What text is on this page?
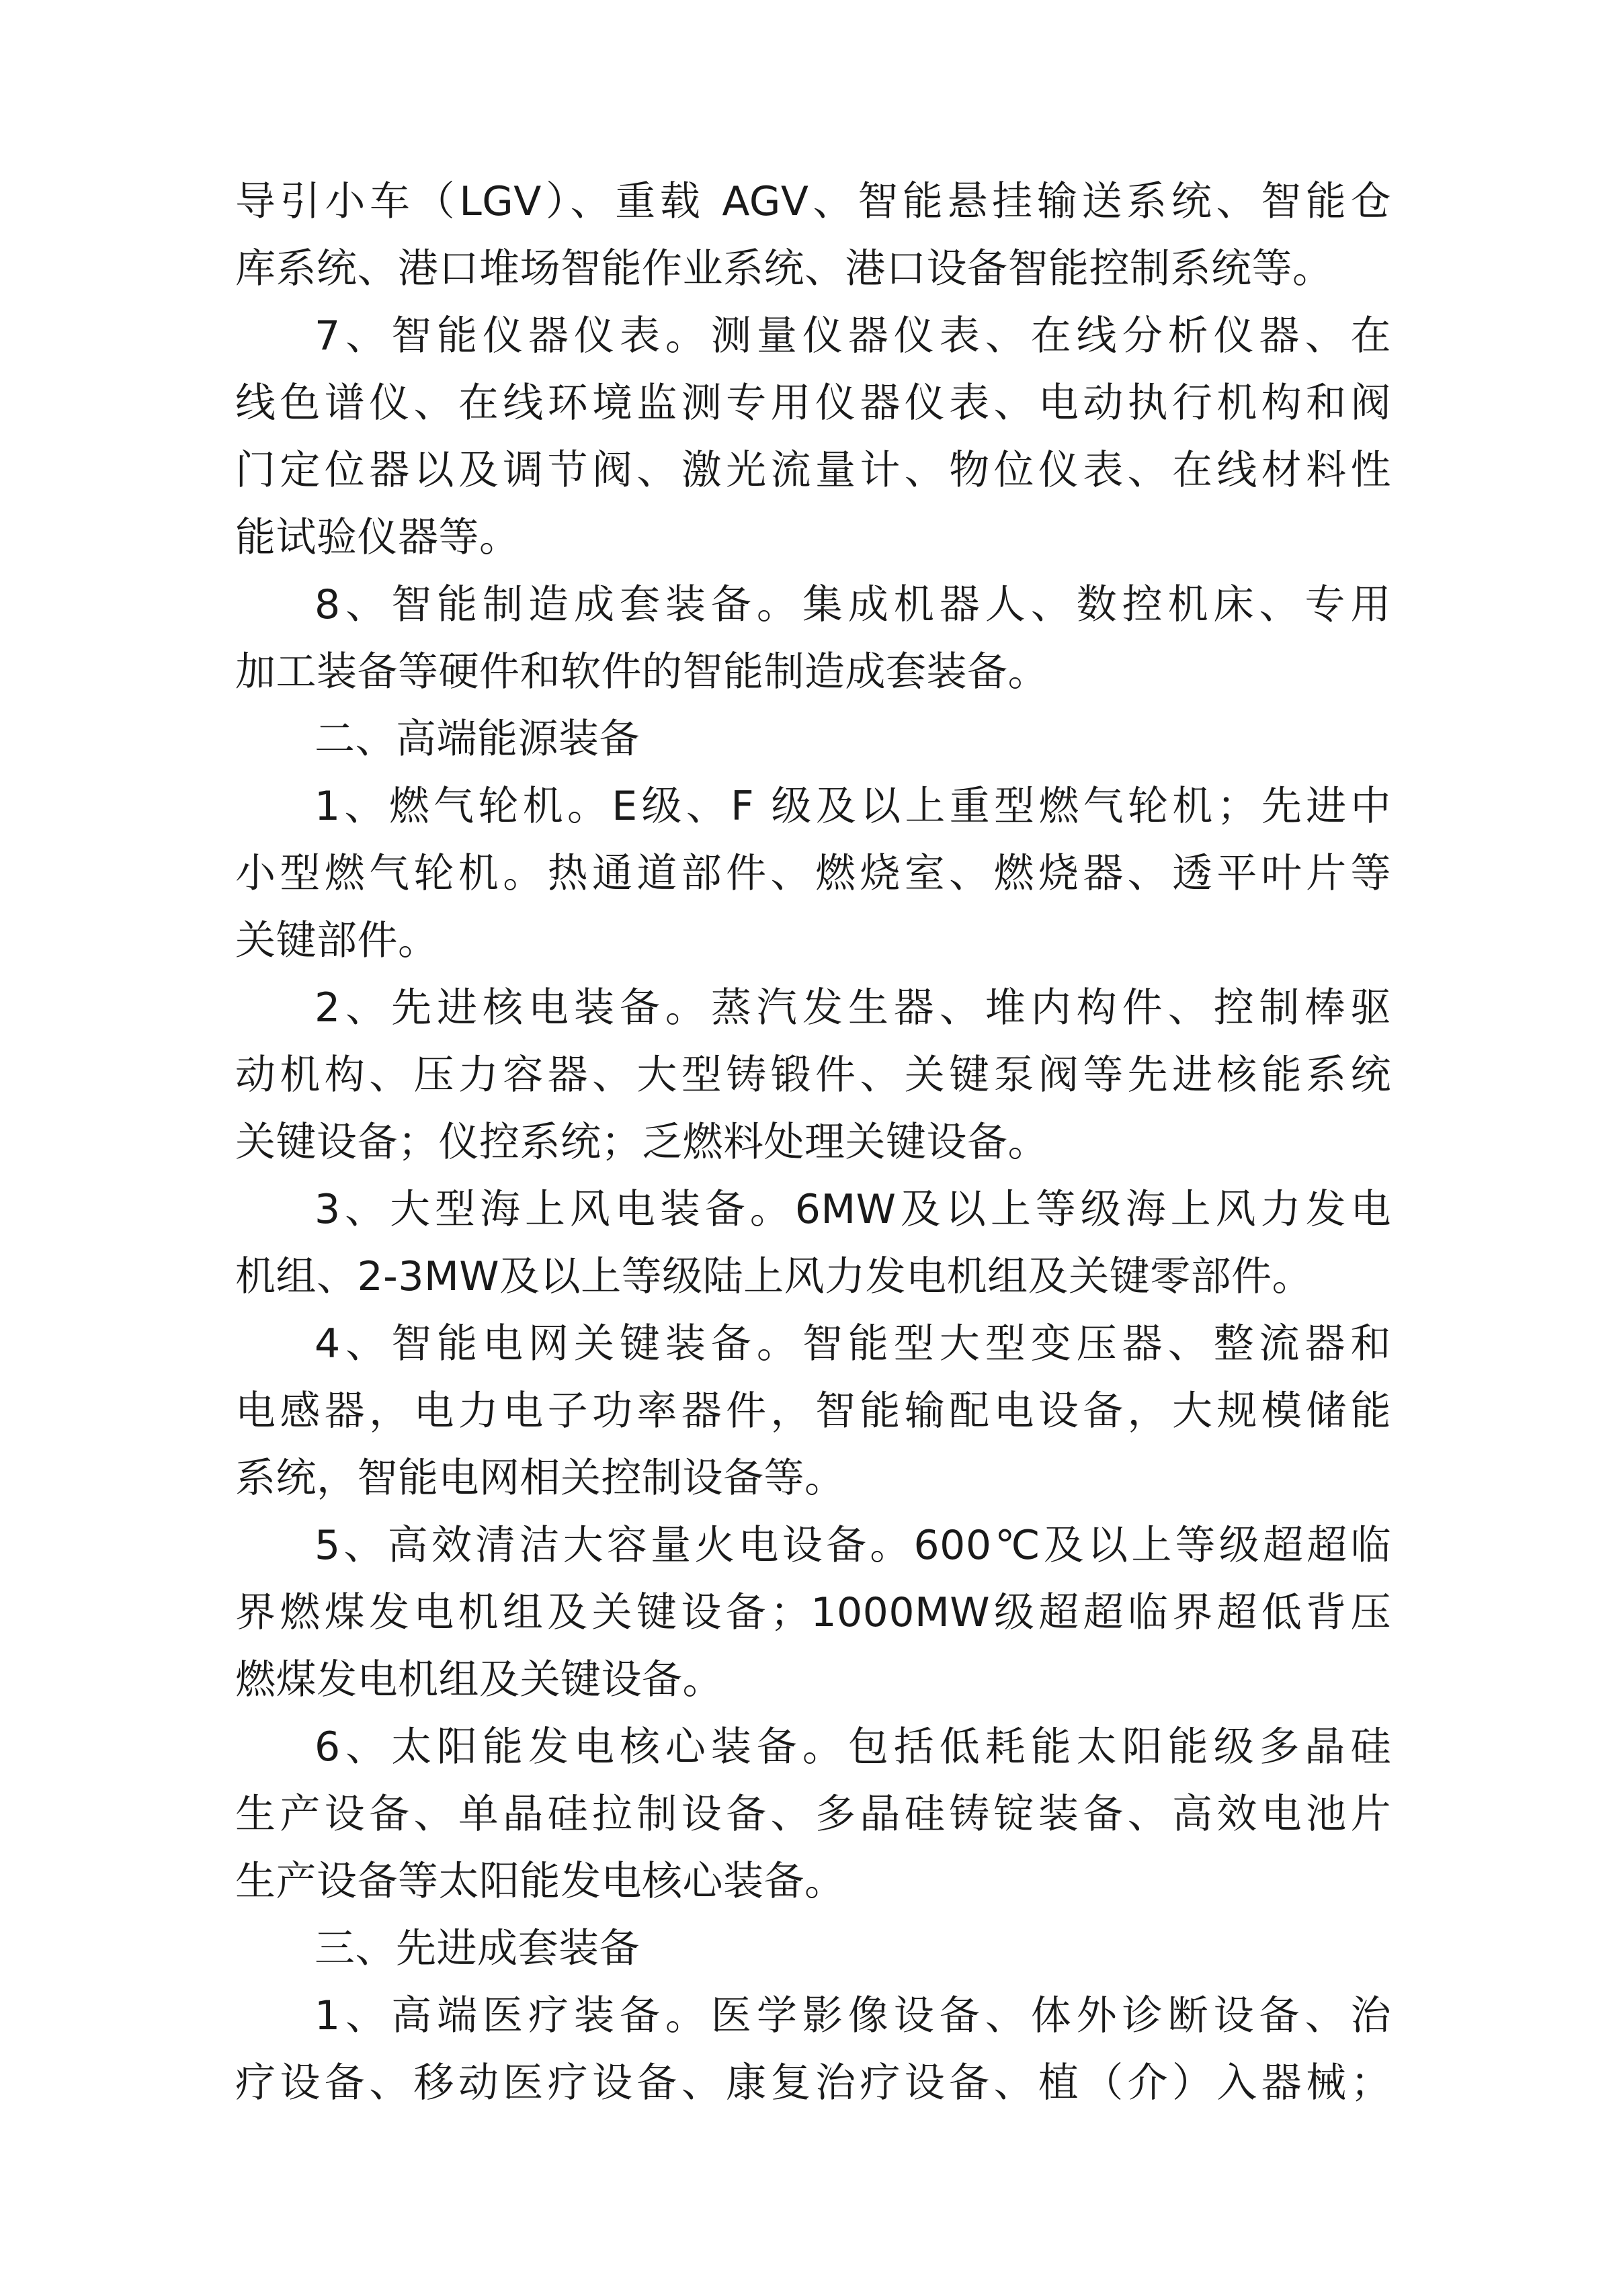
导引小车（LGV）、重载 AGV、智能悬挂输送系统、智能仓
库系统、港口堆场智能作业系统、港口设备智能控制系统等。
7、智能仪器仪表。测量仪器仪表、在线分析仪器、在
线色谱仪、在线环境监测专用仪器仪表、电动执行机构和阀
门定位器以及调节阀、激光流量计、物位仪表、在线材料性
能试验仪器等。
8、智能制造成套装备。集成机器人、数控机床、专用
加工装备等硬件和软件的智能制造成套装备。
二、高端能源装备
1、燃气轮机。E级、F 级及以上重型燃气轮机；先进中
小型燃气轮机。热通道部件、燃烧室、燃烧器、透平叶片等
关键部件。
2、先进核电装备。蒸汽发生器、堆内构件、控制棒驱
动机构、压力容器、大型铸锻件、关键泵阀等先进核能系统
关键设备；仪控系统；乏燃料处理关键设备。
3、大型海上风电装备。6MW及以上等级海上风力发电
机组、2-3MW及以上等级陆上风力发电机组及关键零部件。
4、智能电网关键装备。智能型大型变压器、整流器和
电感器，电力电子功率器件，智能输配电设备，大规模储能
系统，智能电网相关控制设备等。
5、高效清洁大容量火电设备。600℃及以上等级超超临
界燃煤发电机组及关键设备；1000MW级超超临界超低背压
燃煤发电机组及关键设备。
6、太阳能发电核心装备。包括低耗能太阳能级多晶硅
生产设备、单晶硅拉制设备、多晶硅铸锭装备、高效电池片
生产设备等太阳能发电核心装备。
三、先进成套装备
1、高端医疗装备。医学影像设备、体外诊断设备、治
疗设备、移动医疗设备、康复治疗设备、植（介）入器械；
